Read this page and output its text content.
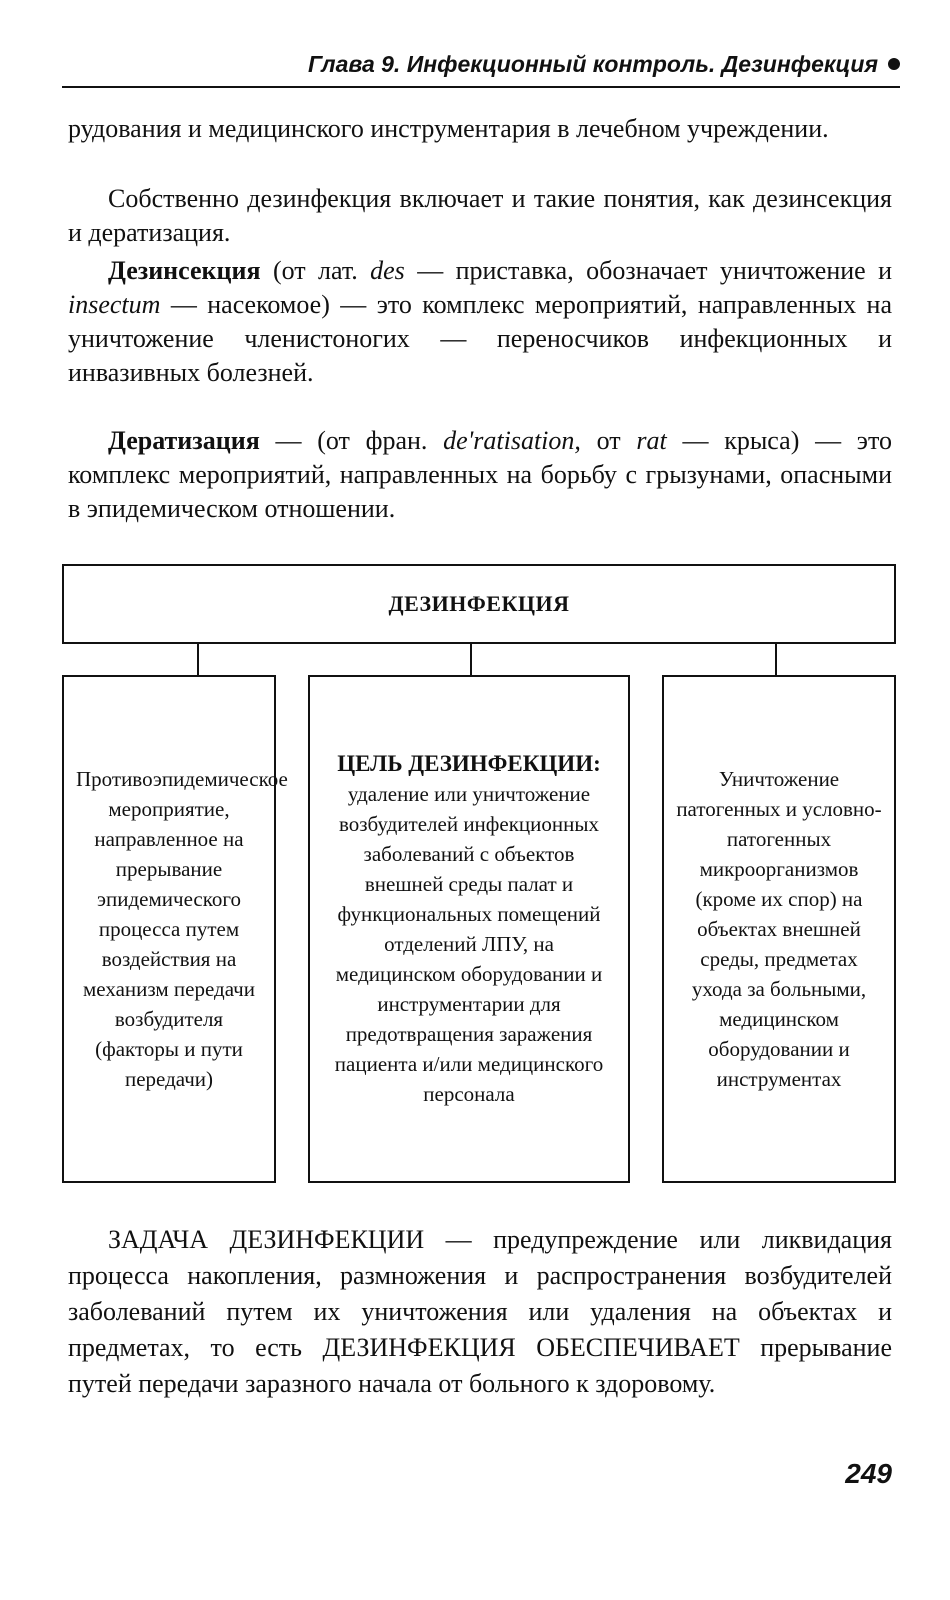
Глава 9. Инфекционный контроль. Дезинфекция

рудования и медицинского инструментария в лечебном учреждении.

Собственно дезинфекция включает и такие понятия, как дезинсекция и дератизация.

Дезинсекция (от лат. des — приставка, обозначает уничтожение и insectum — насекомое) — это комплекс мероприятий, направленных на уничтожение членистоногих — переносчиков инфекционных и инвазивных болезней.

Дератизация — (от фран. de'ratisation, от rat — крыса) — это комплекс мероприятий, направленных на борьбу с грызунами, опасными в эпидемическом отношении.

ДЕЗИНФЕКЦИЯ
Противоэпидемическое мероприятие, направленное на прерывание эпидемического процесса путем воздействия на механизм передачи возбудителя (факторы и пути передачи)
ЦЕЛЬ ДЕЗИНФЕКЦИИ:
удаление или уничтожение возбудителей инфекционных заболеваний с объектов внешней среды палат и функциональных помещений отделений ЛПУ, на медицинском оборудовании и инструментарии для предотвращения заражения пациента и/или медицинского персонала
Уничтожение патогенных и условно-патогенных микроорганизмов (кроме их спор) на объектах внешней среды, предметах ухода за больными, медицинском оборудовании и инструментах

ЗАДАЧА ДЕЗИНФЕКЦИИ — предупреждение или ликвидация процесса накопления, размножения и распространения возбудителей заболеваний путем их уничтожения или удаления на объектах и предметах, то есть ДЕЗИНФЕКЦИЯ ОБЕСПЕЧИВАЕТ прерывание путей передачи заразного начала от больного к здоровому.

249
